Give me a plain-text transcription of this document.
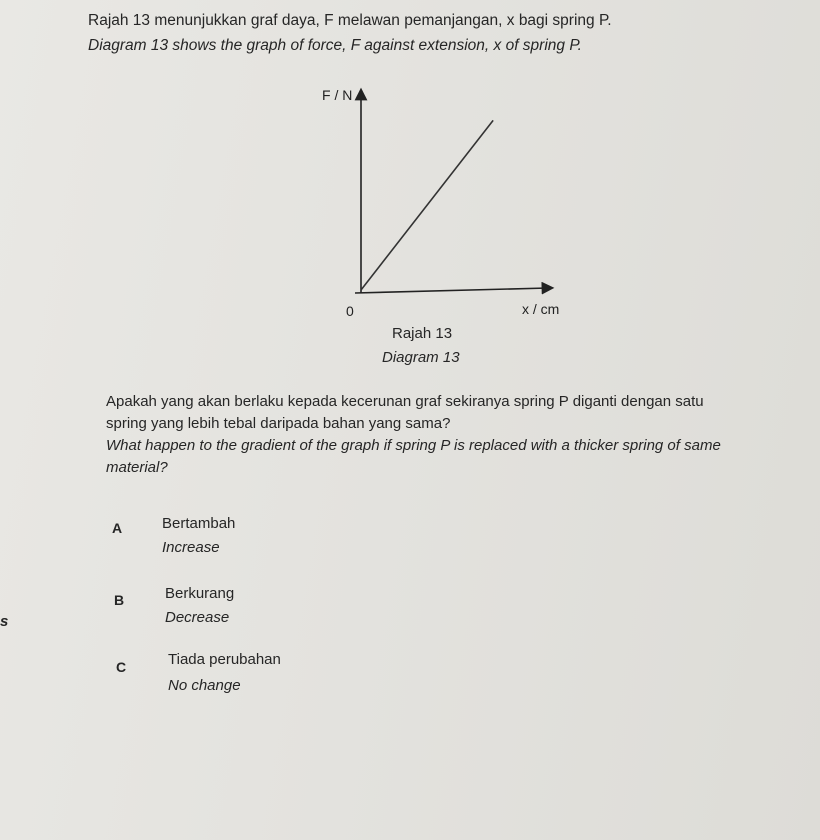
Rajah 13 menunjukkan graf daya, F melawan pemanjangan, x bagi spring P.
Diagram 13 shows the graph of force, F against extension, x of spring P.
F / N
x / cm
0
Rajah 13
Diagram 13

Apakah yang akan berlaku kepada kecerunan graf sekiranya spring P diganti dengan satu spring yang lebih tebal daripada bahan yang sama?

What happen to the gradient of the graph if spring P is replaced with a thicker spring of same material?

A	Bertambah
Increase
B	Berkurang
Decrease
C	Tiada perubahan
No change
s
